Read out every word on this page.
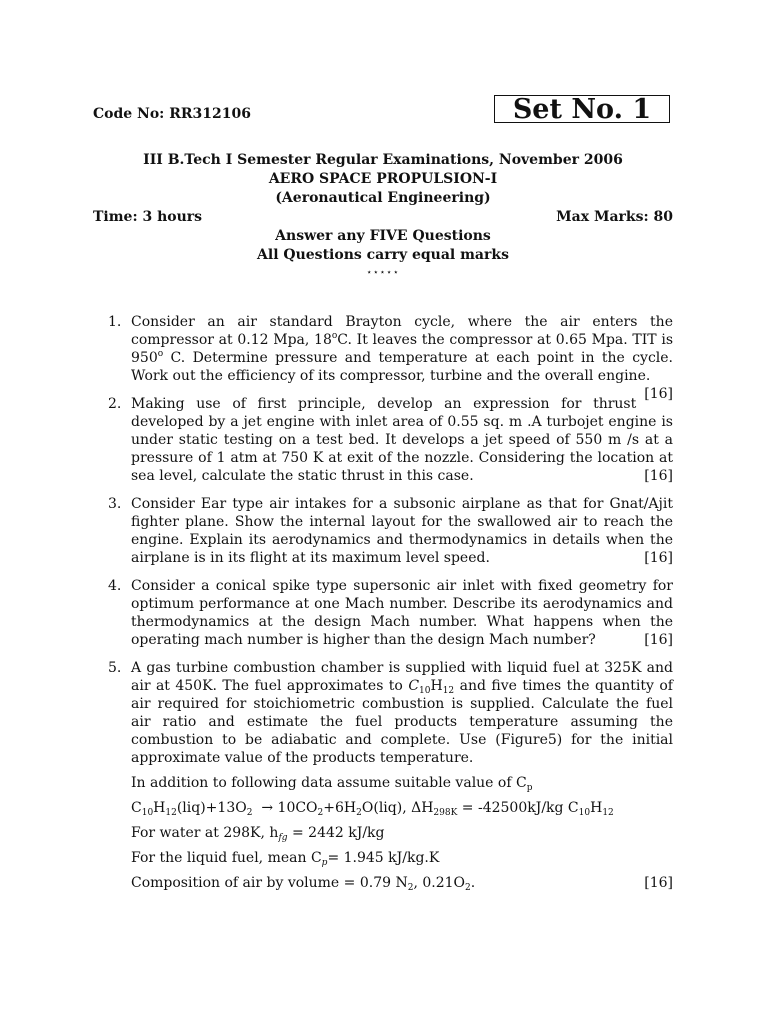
Code No: RR312106	Set No. 1
III B.Tech I Semester Regular Examinations, November 2006
AERO SPACE PROPULSION-I
(Aeronautical Engineering)
Time: 3 hours	Max Marks: 80
Answer any FIVE Questions
All Questions carry equal marks
⋆⋆⋆⋆⋆
1. Consider an air standard Brayton cycle, where the air enters the compressor at 0.12 Mpa, 18$^o$C. It leaves the compressor at 0.65 Mpa. TIT is 950$^o$ C. Determine pressure and temperature at each point in the cycle. Work out the efficiency of its compressor, turbine and the overall engine.
[16]
2. Making use of first principle, develop an expression for thrust developed by a jet engine with inlet area of 0.55 sq. m .A turbojet engine is under static testing on a test bed. It develops a jet speed of 550 m /s at a pressure of 1 atm at 750 K at exit of the nozzle. Considering the location at sea level, calculate the static thrust in this case.	[16]
3. Consider Ear type air intakes for a subsonic airplane as that for Gnat/Ajit fighter plane. Show the internal layout for the swallowed air to reach the engine. Explain its aerodynamics and thermodynamics in details when the airplane is in its flight at its maximum level speed.	[16]
4. Consider a conical spike type supersonic air inlet with fixed geometry for optimum performance at one Mach number. Describe its aerodynamics and thermodynamics at the design Mach number. What happens when the operating mach number is higher than the design Mach number?	[16]
5. A gas turbine combustion chamber is supplied with liquid fuel at 325K and air at 450K. The fuel approximates to $C_{10}H_{12}$ and five times the quantity of air required for stoichiometric combustion is supplied. Calculate the fuel air ratio and estimate the fuel products temperature assuming the combustion to be adiabatic and complete. Use (Figure5) for the initial approximate value of the products temperature.
In addition to following data assume suitable value of $C_p$
$C_{10}H_{12}(liq)+13O_2 \to 10CO_2+6H_2O(liq)$, $\Delta H_{298K} = -42500kJ/kg$ $C_{10}H_{12}$
For water at 298K, $h_{fg} = 2442$ kJ/kg
For the liquid fuel, mean $C_p= 1.945$ kJ/kg.K
Composition of air by volume = 0.79 $N_2$, $0.21O_2$.	[16]
